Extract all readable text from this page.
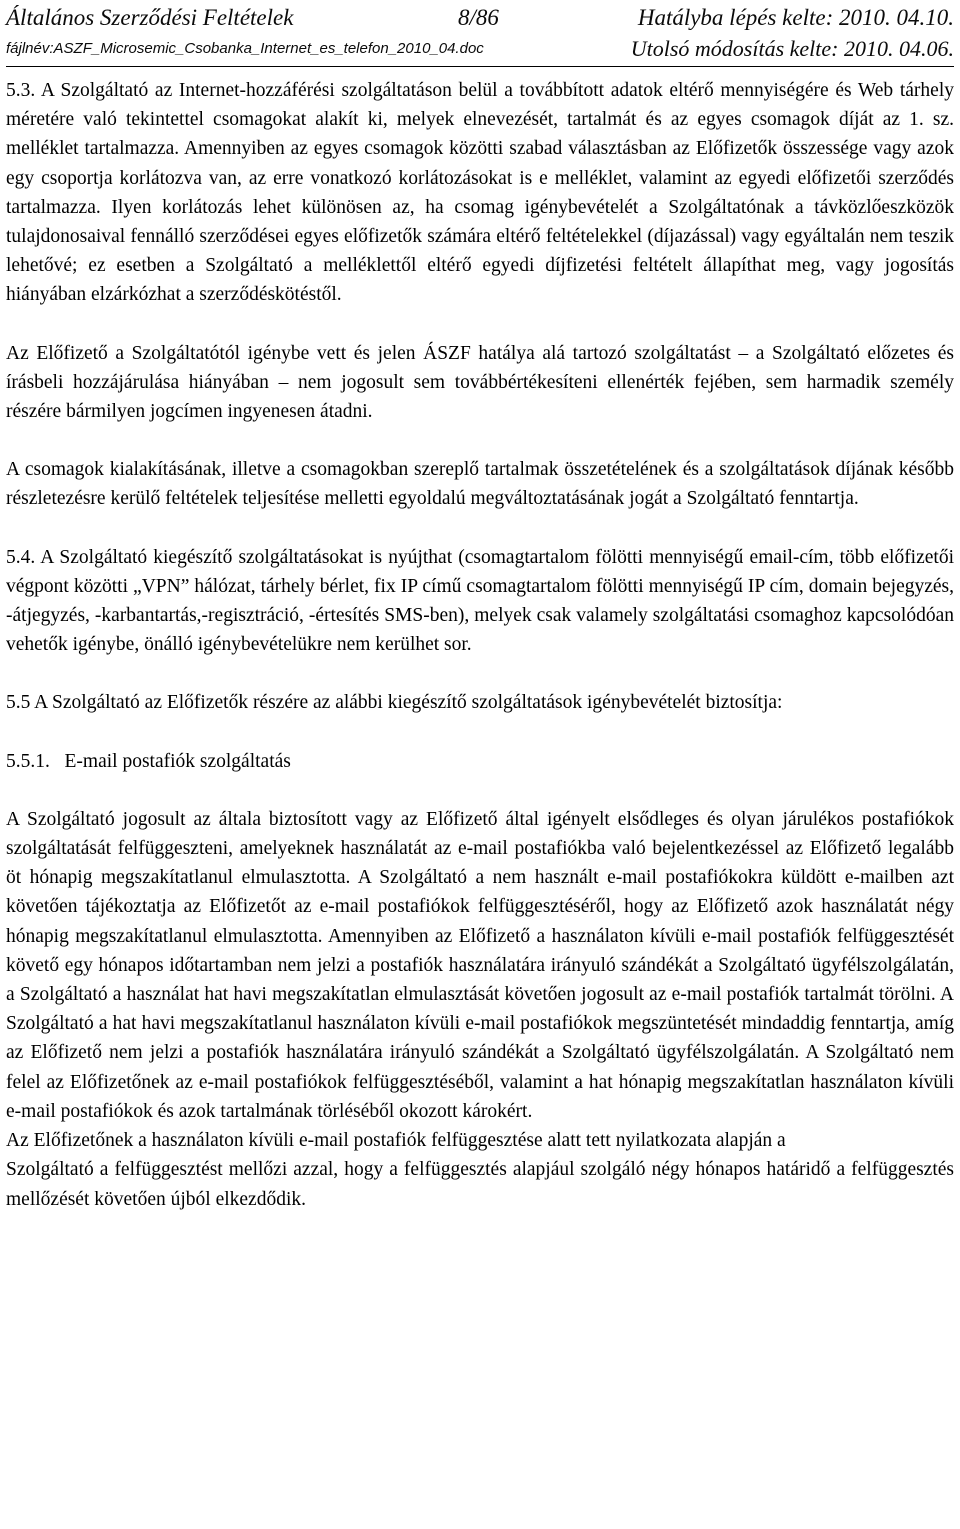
Általános Szerződési Feltételek	8/86	Hatályba lépés kelte: 2010. 04.10.
fájlnév:ASZF_Microsemic_Csobanka_Internet_es_telefon_2010_04.doc	Utolsó módosítás kelte: 2010. 04.06.

5.3. A Szolgáltató az Internet-hozzáférési szolgáltatáson belül a továbbított adatok eltérő mennyiségére és Web tárhely méretére való tekintettel csomagokat alakít ki, melyek elnevezését, tartalmát és az egyes csomagok díját az 1. sz. melléklet tartalmazza. Amennyiben az egyes csomagok közötti szabad választásban az Előfizetők összessége vagy azok egy csoportja korlátozva van, az erre vonatkozó korlátozásokat is e melléklet, valamint az egyedi előfizetői szerződés tartalmazza. Ilyen korlátozás lehet különösen az, ha csomag igénybevételét a Szolgáltatónak a távközlőeszközök tulajdonosaival fennálló szerződései egyes előfizetők számára eltérő feltételekkel (díjazással) vagy egyáltalán nem teszik lehetővé; ez esetben a Szolgáltató a melléklettől eltérő egyedi díjfizetési feltételt állapíthat meg, vagy jogosítás hiányában elzárkózhat a szerződéskötéstől.

Az Előfizető a Szolgáltatótól igénybe vett és jelen ÁSZF hatálya alá tartozó szolgáltatást – a Szolgáltató előzetes és írásbeli hozzájárulása hiányában – nem jogosult sem továbbértékesíteni ellenérték fejében, sem harmadik személy részére bármilyen jogcímen ingyenesen átadni.

A csomagok kialakításának, illetve a csomagokban szereplő tartalmak összetételének és a szolgáltatások díjának később részletezésre kerülő feltételek teljesítése melletti egyoldalú megváltoztatásának jogát a Szolgáltató fenntartja.

5.4. A Szolgáltató kiegészítő szolgáltatásokat is nyújthat (csomagtartalom fölötti mennyiségű email-cím, több előfizetői végpont közötti „VPN” hálózat, tárhely bérlet, fix IP című csomagtartalom fölötti mennyiségű IP cím, domain bejegyzés, -átjegyzés, -karbantartás,-regisztráció, -értesítés SMS-ben), melyek csak valamely szolgáltatási csomaghoz kapcsolódóan vehetők igénybe, önálló igénybevételükre nem kerülhet sor.

5.5 A Szolgáltató az Előfizetők részére az alábbi kiegészítő szolgáltatások igénybevételét biztosítja:

5.5.1. E-mail postafiók szolgáltatás

A Szolgáltató jogosult az általa biztosított vagy az Előfizető által igényelt elsődleges és olyan járulékos postafiókok szolgáltatását felfüggeszteni, amelyeknek használatát az e-mail postafiókba való bejelentkezéssel az Előfizető legalább öt hónapig megszakítatlanul elmulasztotta. A Szolgáltató a nem használt e-mail postafiókokra küldött e-mailben azt követően tájékoztatja az Előfizetőt az e-mail postafiókok felfüggesztéséről, hogy az Előfizető azok használatát négy hónapig megszakítatlanul elmulasztotta. Amennyiben az Előfizető a használaton kívüli e-mail postafiók felfüggesztését követő egy hónapos időtartamban nem jelzi a postafiók használatára irányuló szándékát a Szolgáltató ügyfélszolgálatán, a Szolgáltató a használat hat havi megszakítatlan elmulasztását követően jogosult az e-mail postafiók tartalmát törölni. A Szolgáltató a hat havi megszakítatlanul használaton kívüli e-mail postafiókok megszüntetését mindaddig fenntartja, amíg az Előfizető nem jelzi a postafiók használatára irányuló szándékát a Szolgáltató ügyfélszolgálatán. A Szolgáltató nem felel az Előfizetőnek az e-mail postafiókok felfüggesztéséből, valamint a hat hónapig megszakítatlan használaton kívüli e-mail postafiókok és azok tartalmának törléséből okozott károkért.

Az Előfizetőnek a használaton kívüli e-mail postafiók felfüggesztése alatt tett nyilatkozata alapján a

Szolgáltató a felfüggesztést mellőzi azzal, hogy a felfüggesztés alapjául szolgáló négy hónapos határidő a felfüggesztés mellőzését követően újból elkezdődik.
